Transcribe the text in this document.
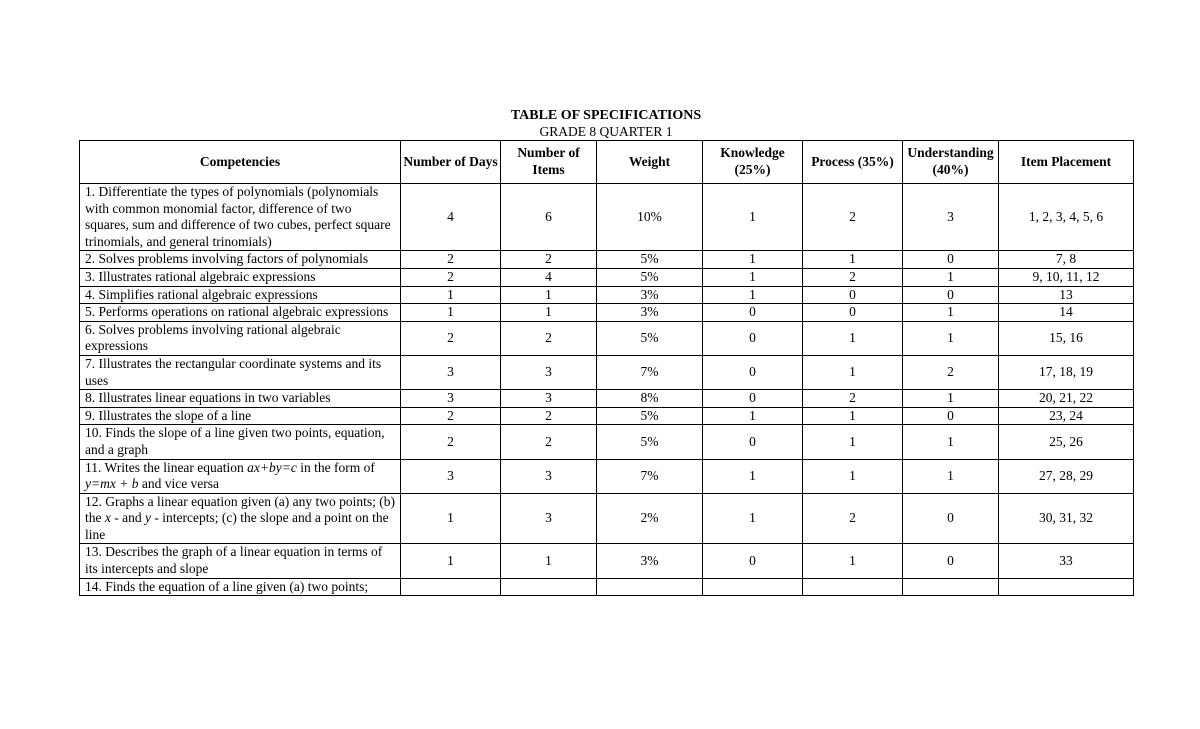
TABLE OF SPECIFICATIONS
GRADE 8 QUARTER 1
Competencies	Number of Days	Number of Items	Weight	Knowledge (25%)	Process (35%)	Understanding (40%)	Item Placement
1. Differentiate the types of polynomials (polynomials with common monomial factor, difference of two squares, sum and difference of two cubes, perfect square trinomials, and general trinomials)	4	6	10%	1	2	3	1, 2, 3, 4, 5, 6
2. Solves problems involving factors of polynomials	2	2	5%	1	1	0	7, 8
3. Illustrates rational algebraic expressions	2	4	5%	1	2	1	9, 10, 11, 12
4. Simplifies rational algebraic expressions	1	1	3%	1	0	0	13
5. Performs operations on rational algebraic expressions	1	1	3%	0	0	1	14
6. Solves problems involving rational algebraic expressions	2	2	5%	0	1	1	15, 16
7. Illustrates the rectangular coordinate systems and its uses	3	3	7%	0	1	2	17, 18, 19
8. Illustrates linear equations in two variables	3	3	8%	0	2	1	20, 21, 22
9. Illustrates the slope of a line	2	2	5%	1	1	0	23, 24
10. Finds the slope of a line given two points, equation, and a graph	2	2	5%	0	1	1	25, 26
11. Writes the linear equation ax+by=c in the form of y=mx + b and vice versa	3	3	7%	1	1	1	27, 28, 29
12. Graphs a linear equation given (a) any two points; (b) the x - and y - intercepts; (c) the slope and a point on the line	1	3	2%	1	2	0	30, 31, 32
13. Describes the graph of a linear equation in terms of its intercepts and slope	1	1	3%	0	1	0	33
14. Finds the equation of a line given (a) two points;							
